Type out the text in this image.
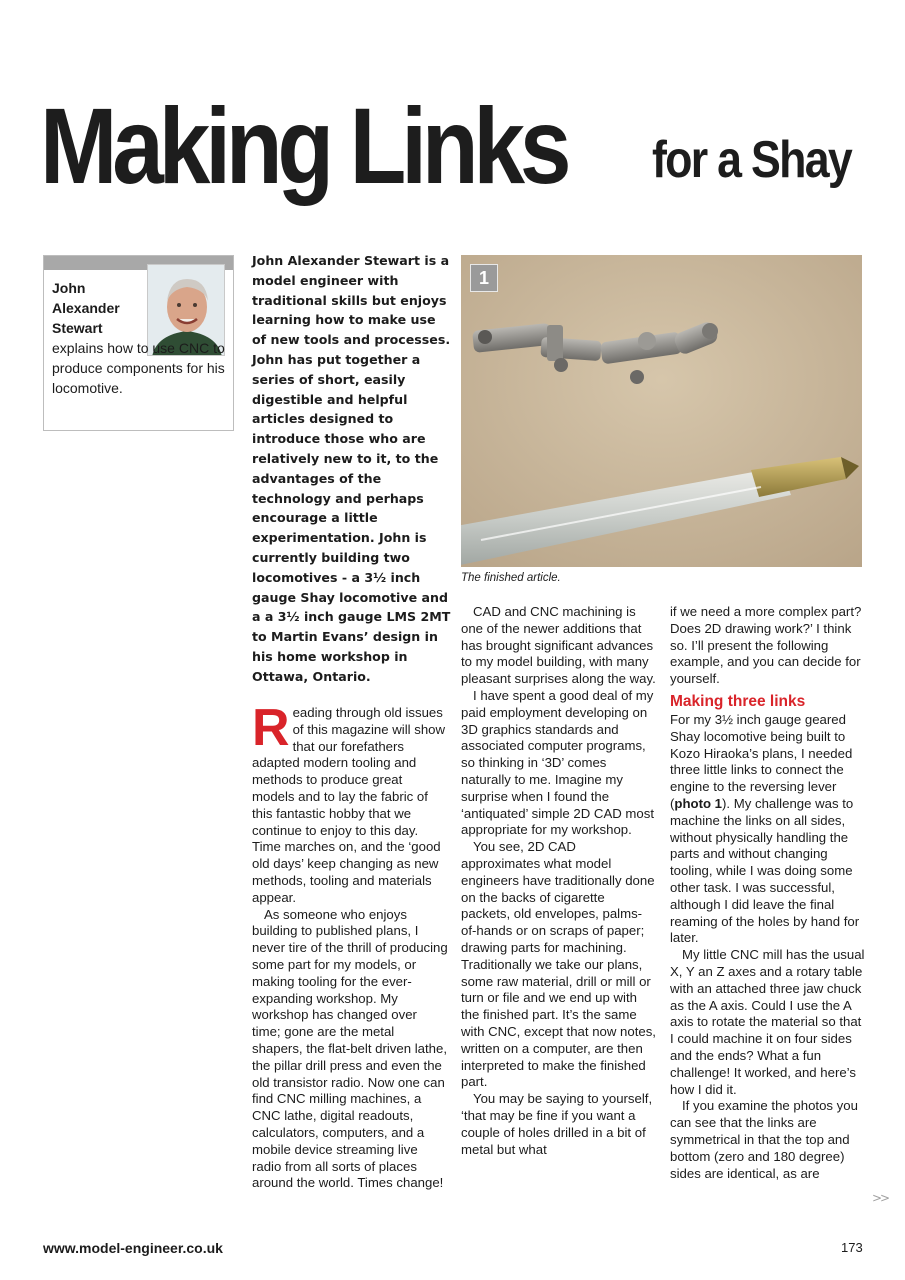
Making Links for a Shay
John Alexander Stewart
explains how to use CNC to produce components for his locomotive.
John Alexander Stewart is a model engineer with traditional skills but enjoys learning how to make use of new tools and processes. John has put together a series of short, easily digestible and helpful articles designed to introduce those who are relatively new to it, to the advantages of the technology and perhaps encourage a little experimentation. John is currently building two locomotives - a 3½ inch gauge Shay locomotive and a a 3½ inch gauge LMS 2MT to Martin Evans’ design in his home workshop in Ottawa, Ontario.
1
The finished article.

Reading through old issues of this magazine will show that our forefathers adapted modern tooling and methods to produce great models and to lay the fabric of this fantastic hobby that we continue to enjoy to this day. Time marches on, and the ‘good old days’ keep changing as new methods, tooling and materials appear.

As someone who enjoys building to published plans, I never tire of the thrill of producing some part for my models, or making tooling for the ever-expanding workshop. My workshop has changed over time; gone are the metal shapers, the flat-belt driven lathe, the pillar drill press and even the old transistor radio. Now one can find CNC milling machines, a CNC lathe, digital readouts, calculators, computers, and a mobile device streaming live radio from all sorts of places around the world. Times change!

CAD and CNC machining is one of the newer additions that has brought significant advances to my model building, with many pleasant surprises along the way.

I have spent a good deal of my paid employment developing on 3D graphics standards and associated computer programs, so thinking in ‘3D’ comes naturally to me. Imagine my surprise when I found the ‘antiquated’ simple 2D CAD most appropriate for my workshop.

You see, 2D CAD approximates what model engineers have traditionally done on the backs of cigarette packets, old envelopes, palms-of-hands or on scraps of paper; drawing parts for machining. Traditionally we take our plans, some raw material, drill or mill or turn or file and we end up with the finished part. It’s the same with CNC, except that now notes, written on a computer, are then interpreted to make the finished part.

You may be saying to yourself, ‘that may be fine if you want a couple of holes drilled in a bit of metal but what

if we need a more complex part? Does 2D drawing work?’ I think so. I’ll present the following example, and you can decide for yourself.

Making three links

For my 3½ inch gauge geared Shay locomotive being built to Kozo Hiraoka’s plans, I needed three little links to connect the engine to the reversing lever (photo 1). My challenge was to machine the links on all sides, without physically handling the parts and without changing tooling, while I was doing some other task. I was successful, although I did leave the final reaming of the holes by hand for later.

My little CNC mill has the usual X, Y an Z axes and a rotary table with an attached three jaw chuck as the A axis. Could I use the A axis to rotate the material so that I could machine it on four sides and the ends? What a fun challenge! It worked, and here’s how I did it.

If you examine the photos you can see that the links are symmetrical in that the top and bottom (zero and 180 degree) sides are identical, as are

>>
www.model-engineer.co.uk	173
